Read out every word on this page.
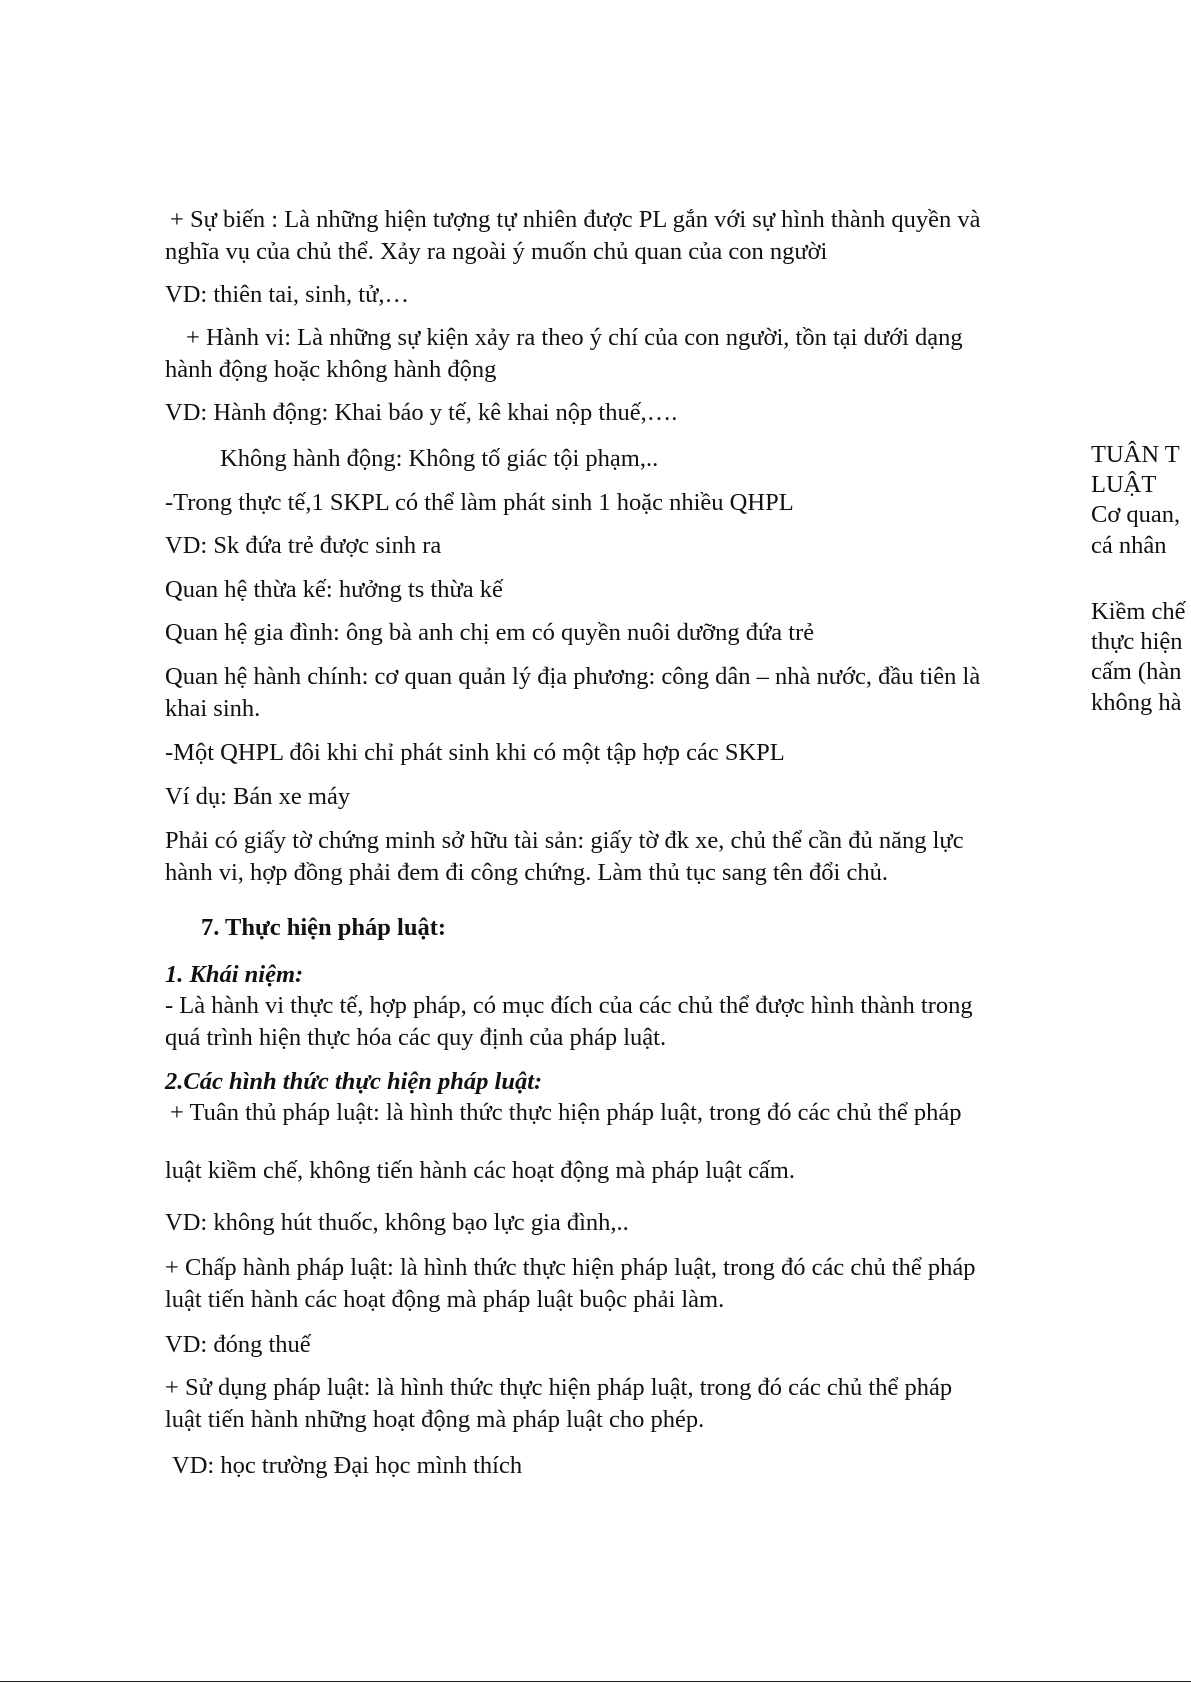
+ Sự biến : Là những hiện tượng tự nhiên được PL gắn với sự hình thành quyền và

nghĩa vụ của chủ thể. Xảy ra ngoài ý muốn chủ quan của con người

VD: thiên tai, sinh, tử,…

+ Hành vi: Là những sự kiện xảy ra theo ý chí của con người, tồn tại dưới dạng

hành động hoặc không hành động

VD: Hành động: Khai báo y tế, kê khai nộp thuế,….

Không hành động: Không tố giác tội phạm,..

-Trong thực tế,1 SKPL có thể làm phát sinh 1 hoặc nhiều QHPL

VD: Sk đứa trẻ được sinh ra

Quan hệ thừa kế: hưởng ts thừa kế

Quan hệ gia đình: ông bà anh chị em có quyền nuôi dưỡng đứa trẻ

Quan hệ hành chính: cơ quan quản lý địa phương: công dân – nhà nước, đầu tiên là

khai sinh.

-Một QHPL đôi khi chỉ phát sinh khi có một tập hợp các SKPL

Ví dụ: Bán xe máy

Phải có giấy tờ chứng minh sở hữu tài sản: giấy tờ đk xe, chủ thể cần đủ năng lực

hành vi, hợp đồng phải đem đi công chứng. Làm thủ tục sang tên đổi chủ.

7. Thực hiện pháp luật:

1. Khái niệm:

- Là hành vi thực tế, hợp pháp, có mục đích của các chủ thể được hình thành trong

quá trình hiện thực hóa các quy định của pháp luật.

2.Các hình thức thực hiện pháp luật:

+ Tuân thủ pháp luật: là hình thức thực hiện pháp luật, trong đó các chủ thể pháp

luật kiềm chế, không tiến hành các hoạt động mà pháp luật cấm.

VD: không hút thuốc, không bạo lực gia đình,..

+ Chấp hành pháp luật: là hình thức thực hiện pháp luật, trong đó các chủ thể pháp

luật tiến hành các hoạt động mà pháp luật buộc phải làm.

VD: đóng thuế

+ Sử dụng pháp luật: là hình thức thực hiện pháp luật, trong đó các chủ thể pháp

luật tiến hành những hoạt động mà pháp luật cho phép.

VD: học trường Đại học mình thích

TUÂN T

LUẬT

Cơ quan,

cá nhân

Kiềm chế

thực hiện

cấm (hàn

không hà
